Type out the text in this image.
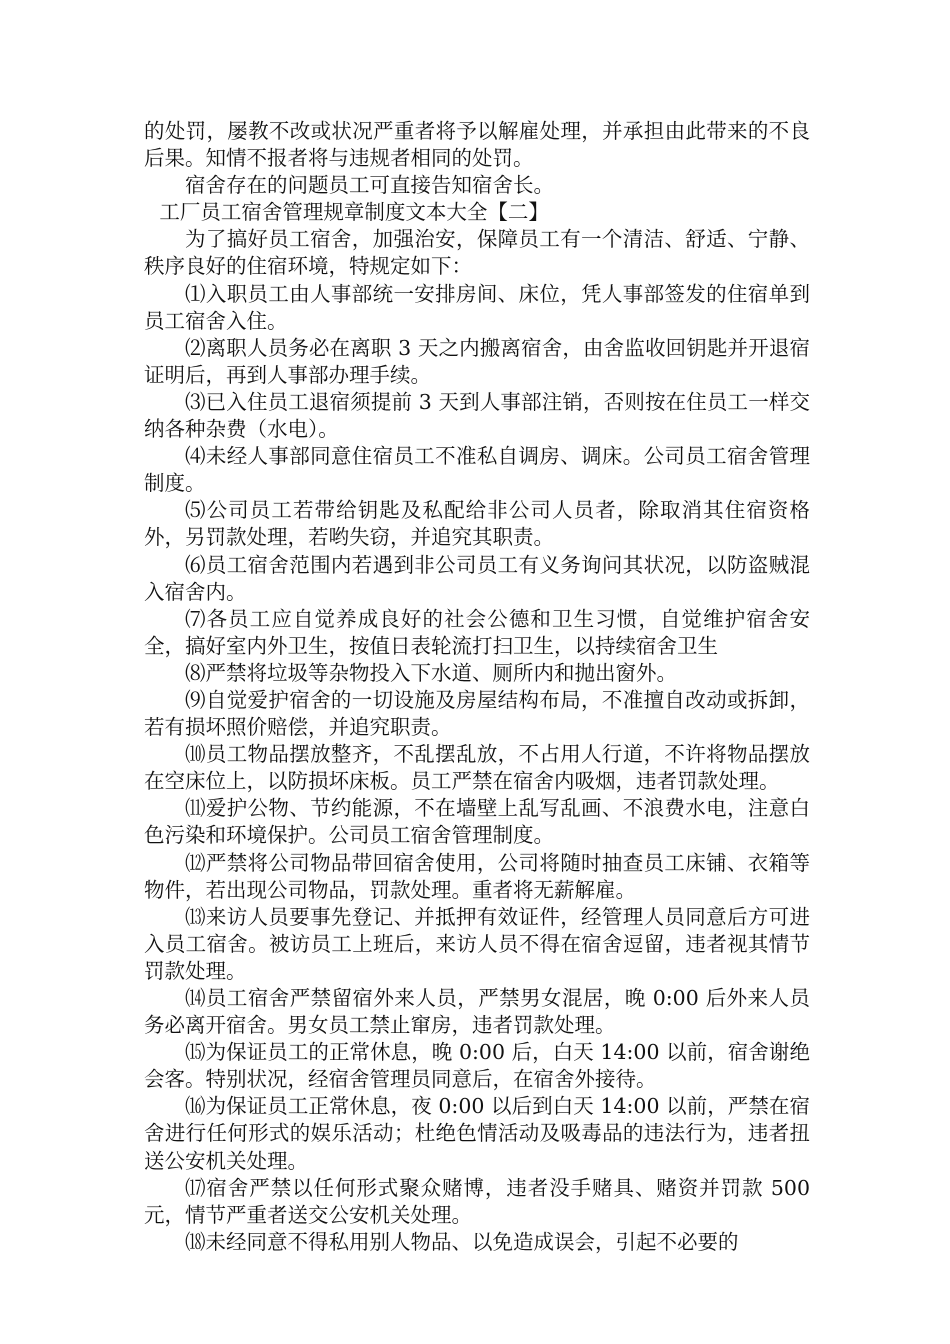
的处罚，屡教不改或状况严重者将予以解雇处理，并承担由此带来的不良后果。知情不报者将与违规者相同的处罚。

宿舍存在的问题员工可直接告知宿舍长。

工厂员工宿舍管理规章制度文本大全【二】

为了搞好员工宿舍，加强治安，保障员工有一个清洁、舒适、宁静、秩序良好的住宿环境，特规定如下：

⑴入职员工由人事部统一安排房间、床位，凭人事部签发的住宿单到员工宿舍入住。

⑵离职人员务必在离职 3 天之内搬离宿舍，由舍监收回钥匙并开退宿证明后，再到人事部办理手续。

⑶已入住员工退宿须提前 3 天到人事部注销，否则按在住员工一样交纳各种杂费（水电）。

⑷未经人事部同意住宿员工不准私自调房、调床。公司员工宿舍管理制度。

⑸公司员工若带给钥匙及私配给非公司人员者，除取消其住宿资格外，另罚款处理，若哟失窃，并追究其职责。

⑹员工宿舍范围内若遇到非公司员工有义务询问其状况，以防盗贼混入宿舍内。

⑺各员工应自觉养成良好的社会公德和卫生习惯，自觉维护宿舍安全，搞好室内外卫生，按值日表轮流打扫卫生，以持续宿舍卫生

⑻严禁将垃圾等杂物投入下水道、厕所内和抛出窗外。

⑼自觉爱护宿舍的一切设施及房屋结构布局，不准擅自改动或拆卸，若有损坏照价赔偿，并追究职责。

⑽员工物品摆放整齐，不乱摆乱放，不占用人行道，不许将物品摆放在空床位上，以防损坏床板。员工严禁在宿舍内吸烟，违者罚款处理。

⑾爱护公物、节约能源，不在墙壁上乱写乱画、不浪费水电，注意白色污染和环境保护。公司员工宿舍管理制度。

⑿严禁将公司物品带回宿舍使用，公司将随时抽查员工床铺、衣箱等物件，若出现公司物品，罚款处理。重者将无薪解雇。

⒀来访人员要事先登记、并抵押有效证件，经管理人员同意后方可进入员工宿舍。被访员工上班后，来访人员不得在宿舍逗留，违者视其情节罚款处理。

⒁员工宿舍严禁留宿外来人员，严禁男女混居，晚 0:00 后外来人员务必离开宿舍。男女员工禁止窜房，违者罚款处理。

⒂为保证员工的正常休息，晚 0:00 后，白天 14:00 以前，宿舍谢绝会客。特别状况，经宿舍管理员同意后，在宿舍外接待。

⒃为保证员工正常休息，夜 0:00 以后到白天 14:00 以前，严禁在宿舍进行任何形式的娱乐活动；杜绝色情活动及吸毒品的违法行为，违者扭送公安机关处理。

⒄宿舍严禁以任何形式聚众赌博，违者没手赌具、赌资并罚款 500 元，情节严重者送交公安机关处理。

⒅未经同意不得私用别人物品、以免造成误会，引起不必要的
